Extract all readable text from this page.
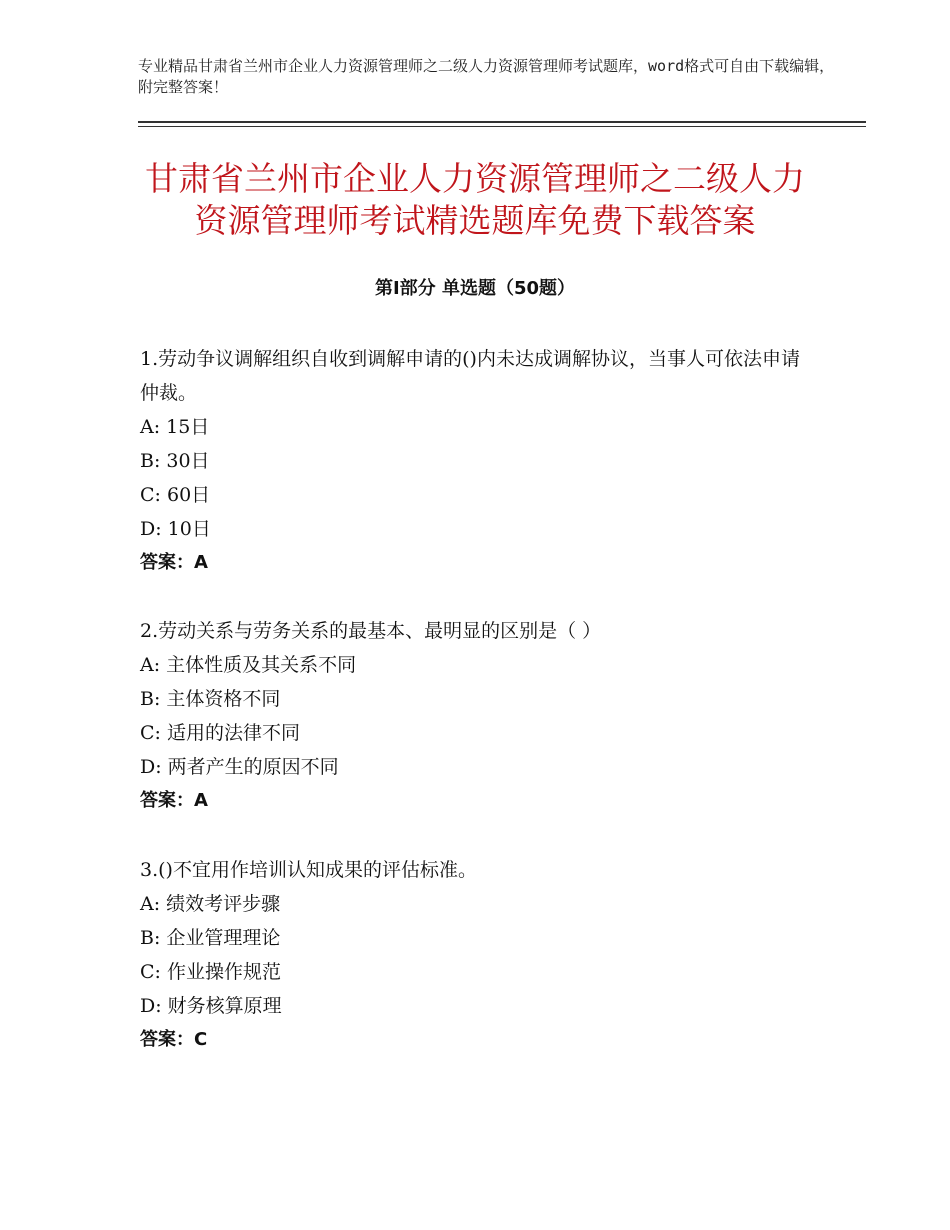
专业精品甘肃省兰州市企业人力资源管理师之二级人力资源管理师考试题库，word格式可自由下载编辑，附完整答案！
甘肃省兰州市企业人力资源管理师之二级人力资源管理师考试精选题库免费下载答案
第Ⅰ部分 单选题（50题）

1.劳动争议调解组织自收到调解申请的()内未达成调解协议，当事人可依法申请仲裁。

A: 15日

B: 30日

C: 60日

D: 10日

答案：A

2.劳动关系与劳务关系的最基本、最明显的区别是（ ）

A: 主体性质及其关系不同

B: 主体资格不同

C: 适用的法律不同

D: 两者产生的原因不同

答案：A

3.()不宜用作培训认知成果的评估标准。

A: 绩效考评步骤

B: 企业管理理论

C: 作业操作规范

D: 财务核算原理

答案：C
